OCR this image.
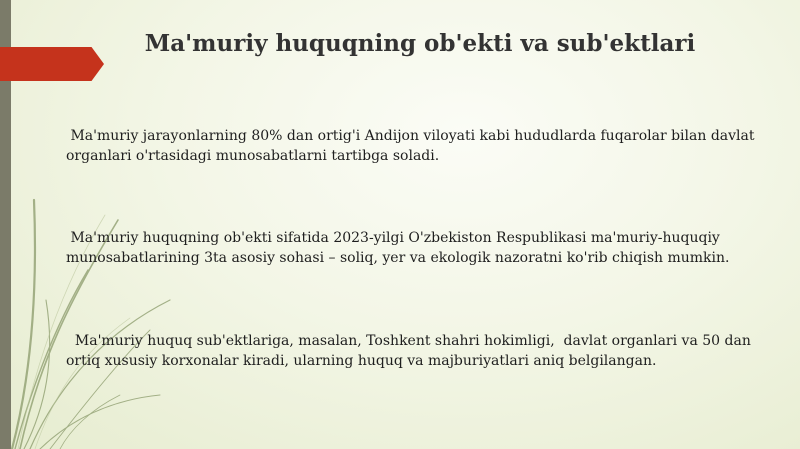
Ma'muriy huquqning ob'ekti va sub'ektlari

Ma'muriy jarayonlarning 80% dan ortig'i Andijon viloyati kabi hududlarda fuqarolar bilan davlat organlari o'rtasidagi munosabatlarni tartibga soladi.

Ma'muriy huquqning ob'ekti sifatida 2023-yilgi O'zbekiston Respublikasi ma'muriy-huquqiy munosabatlarining 3ta asosiy sohasi – soliq, yer va ekologik nazoratni ko'rib chiqish mumkin.

Ma'muriy huquq sub'ektlariga, masalan, Toshkent shahri hokimligi,  davlat organlari va 50 dan ortiq xususiy korxonalar kiradi, ularning huquq va majburiyatlari aniq belgilangan.
